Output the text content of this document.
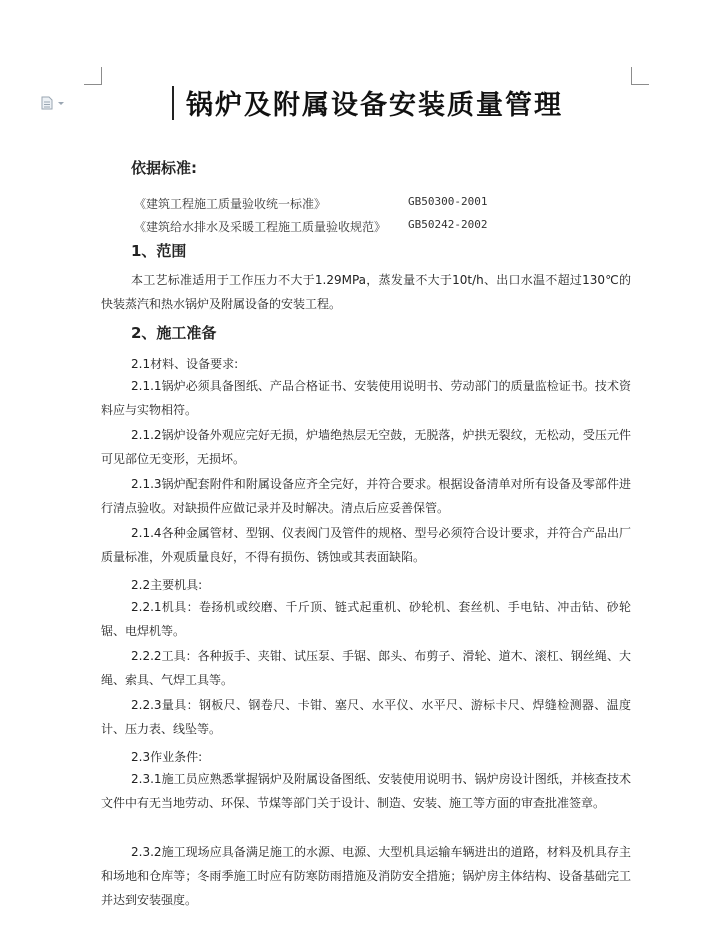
锅炉及附属设备安装质量管理
依据标准:
《建筑工程施工质量验收统一标准》	GB50300-2001
《建筑给水排水及采暖工程施工质量验收规范》 GB50242-2002
1、范围
本工艺标准适用于工作压力不大于1.29MPa，蒸发量不大于10t/h、出口水温不超过130℃的快装蒸汽和热水锅炉及附属设备的安装工程。
2、施工准备
2.1材料、设备要求:
2.1.1锅炉必须具备图纸、产品合格证书、安装使用说明书、劳动部门的质量监检证书。技术资料应与实物相符。
2.1.2锅炉设备外观应完好无损，炉墙绝热层无空鼓，无脱落，炉拱无裂纹，无松动，受压元件可见部位无变形，无损坏。
2.1.3锅炉配套附件和附属设备应齐全完好，并符合要求。根据设备清单对所有设备及零部件进行清点验收。对缺损件应做记录并及时解决。清点后应妥善保管。
2.1.4各种金属管材、型钢、仪表阀门及管件的规格、型号必须符合设计要求，并符合产品出厂质量标准，外观质量良好，不得有损伤、锈蚀或其表面缺陷。
2.2主要机具:
2.2.1机具：卷扬机或绞磨、千斤顶、链式起重机、砂轮机、套丝机、手电钻、冲击钻、砂轮锯、电焊机等。
2.2.2工具：各种扳手、夹钳、试压泵、手锯、郎头、布剪子、滑轮、道木、滚杠、钢丝绳、大绳、索具、气焊工具等。
2.2.3量具：钢板尺、钢卷尺、卡钳、塞尺、水平仪、水平尺、游标卡尺、焊缝检测器、温度计、压力表、线坠等。
2.3作业条件:
2.3.1施工员应熟悉掌握锅炉及附属设备图纸、安装使用说明书、锅炉房设计图纸，并核查技术文件中有无当地劳动、环保、节煤等部门关于设计、制造、安装、施工等方面的审查批准签章。
2.3.2施工现场应具备满足施工的水源、电源、大型机具运输车辆进出的道路，材料及机具存主和场地和仓库等；冬雨季施工时应有防寒防雨措施及消防安全措施；锅炉房主体结构、设备基础完工并达到安装强度。
